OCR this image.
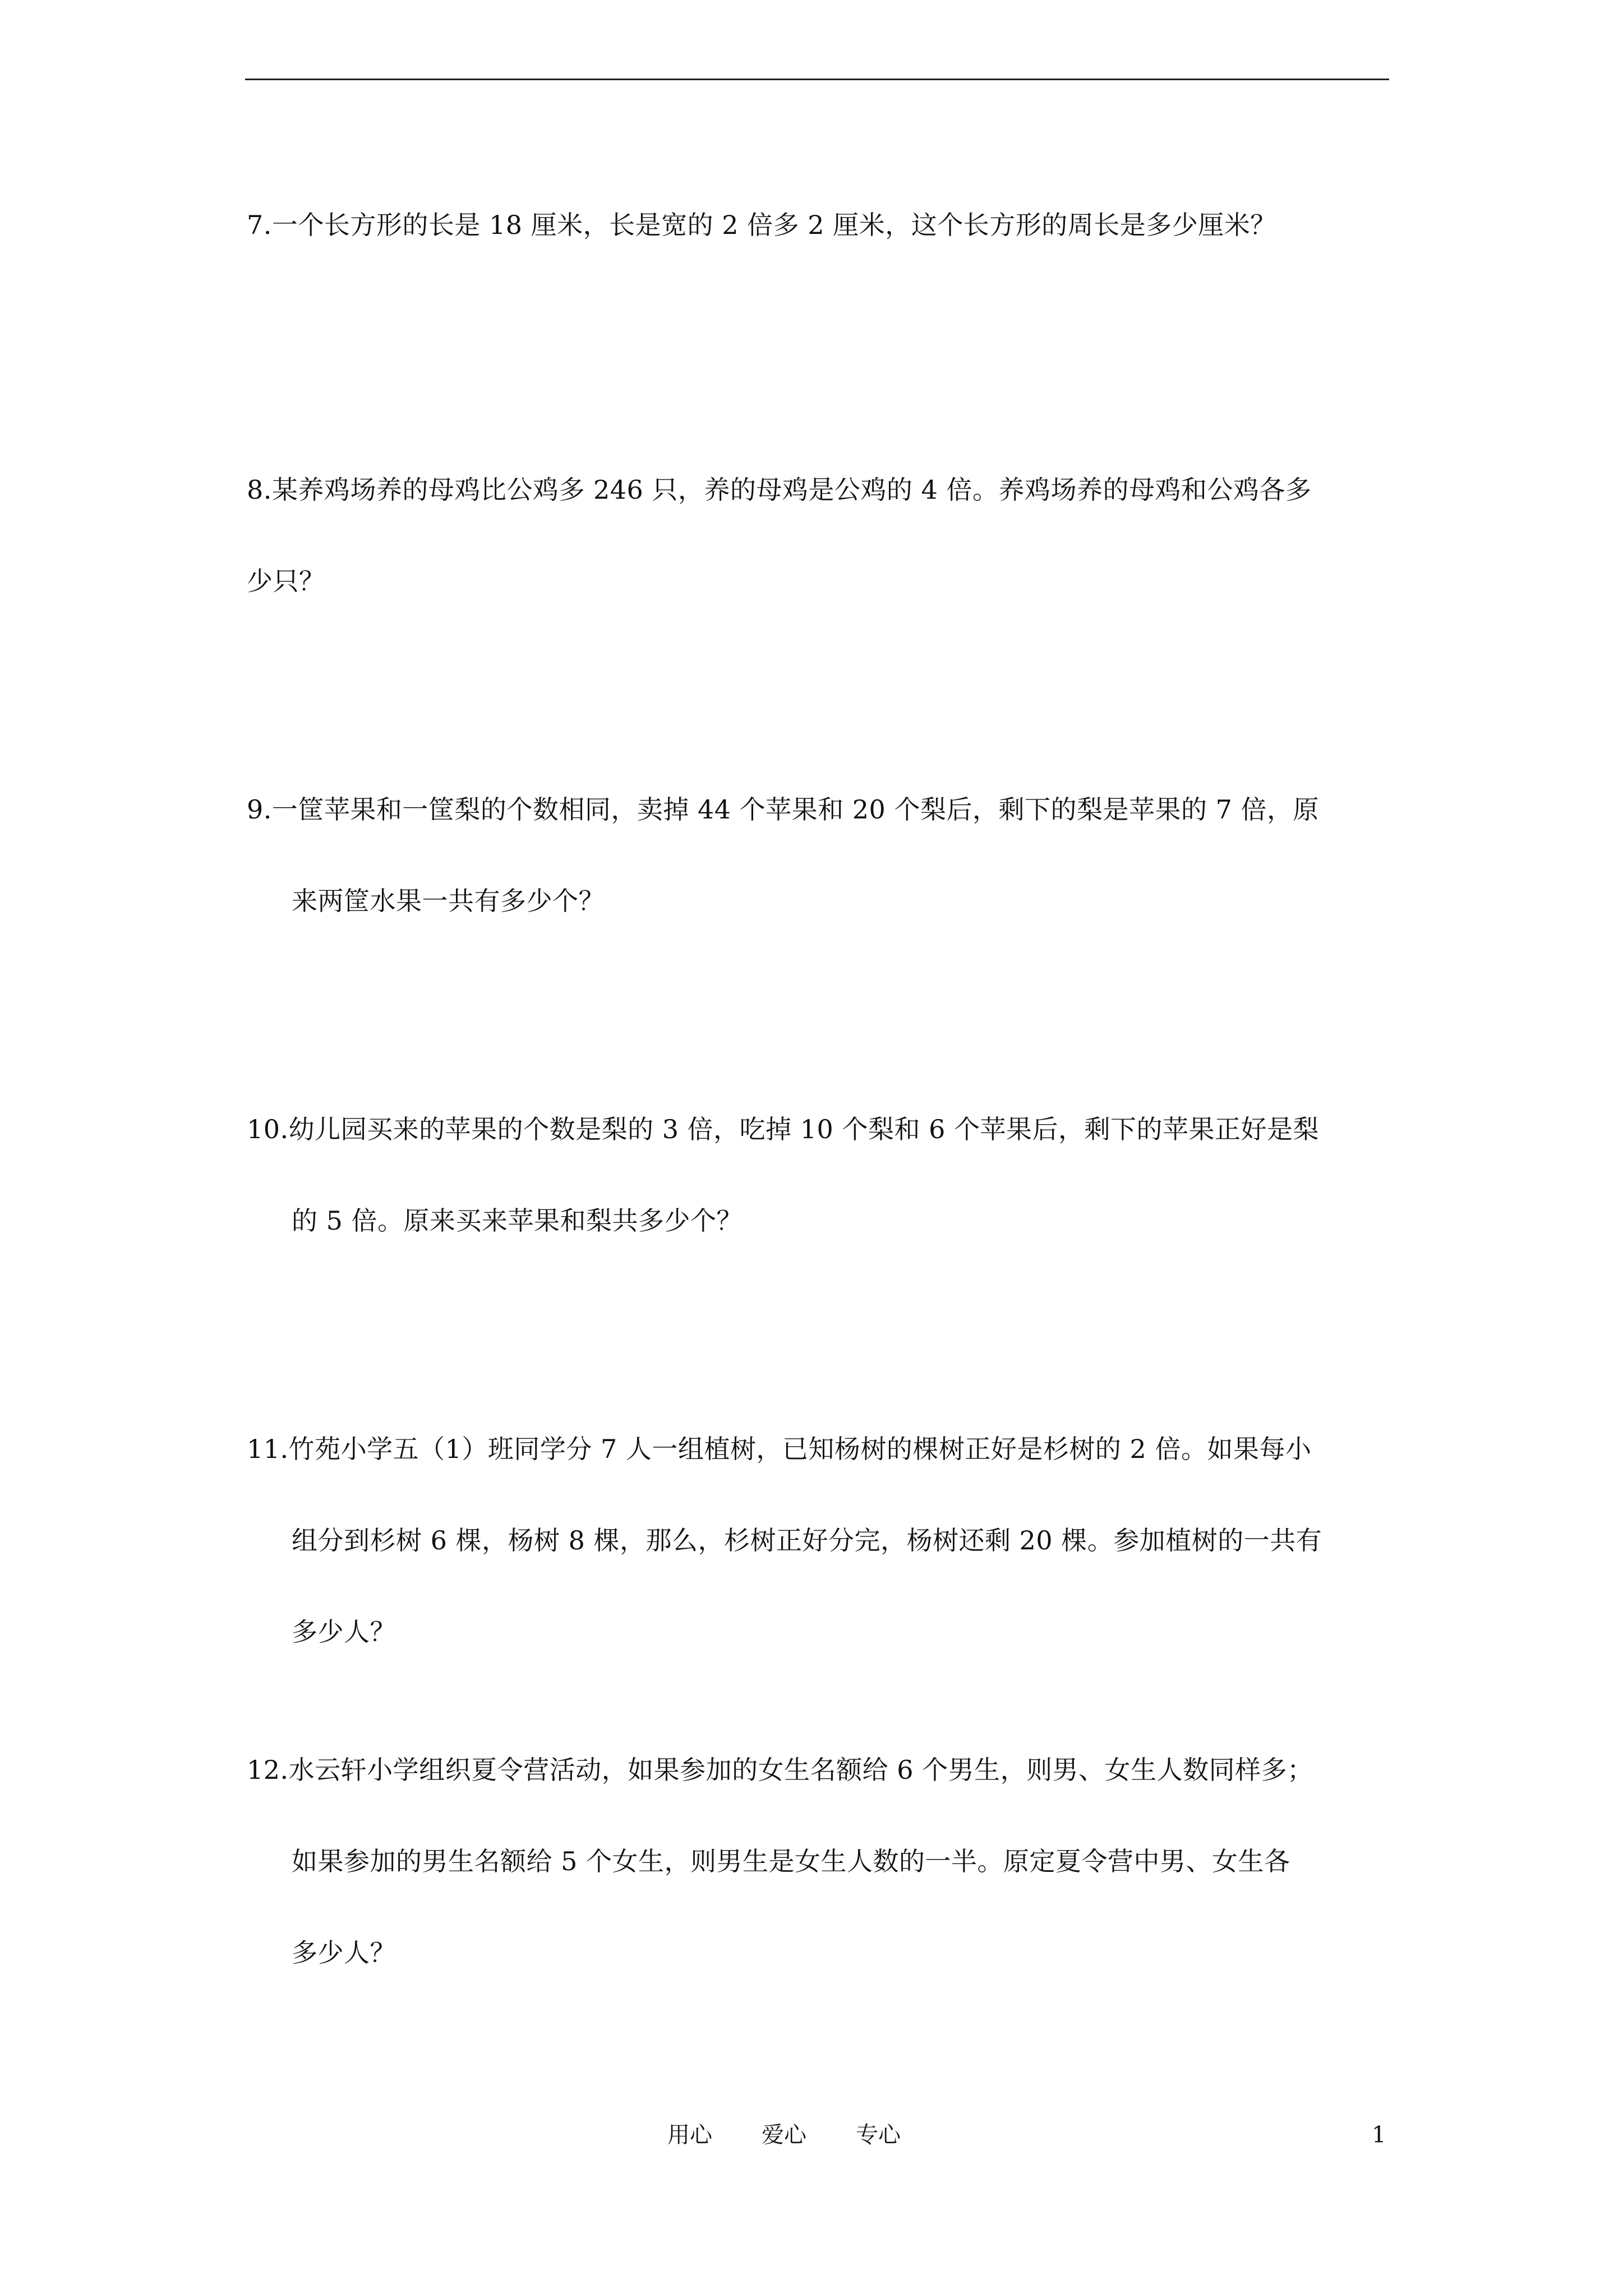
7.一个长方形的长是 18 厘米，长是宽的 2 倍多 2 厘米，这个长方形的周长是多少厘米？
8.某养鸡场养的母鸡比公鸡多 246 只，养的母鸡是公鸡的 4 倍。养鸡场养的母鸡和公鸡各多
少只？
9.一筐苹果和一筐梨的个数相同，卖掉 44 个苹果和 20 个梨后，剩下的梨是苹果的 7 倍，原
来两筐水果一共有多少个？
10.幼儿园买来的苹果的个数是梨的 3 倍，吃掉 10 个梨和 6 个苹果后，剩下的苹果正好是梨
的 5 倍。原来买来苹果和梨共多少个？
11.竹苑小学五（1）班同学分 7 人一组植树，已知杨树的棵树正好是杉树的 2 倍。如果每小
组分到杉树 6 棵，杨树 8 棵，那么，杉树正好分完，杨树还剩 20 棵。参加植树的一共有
多少人？
12.水云轩小学组织夏令营活动，如果参加的女生名额给 6 个男生，则男、女生人数同样多；
如果参加的男生名额给 5 个女生，则男生是女生人数的一半。原定夏令营中男、女生各
多少人？
用心 爱心 专心	1
